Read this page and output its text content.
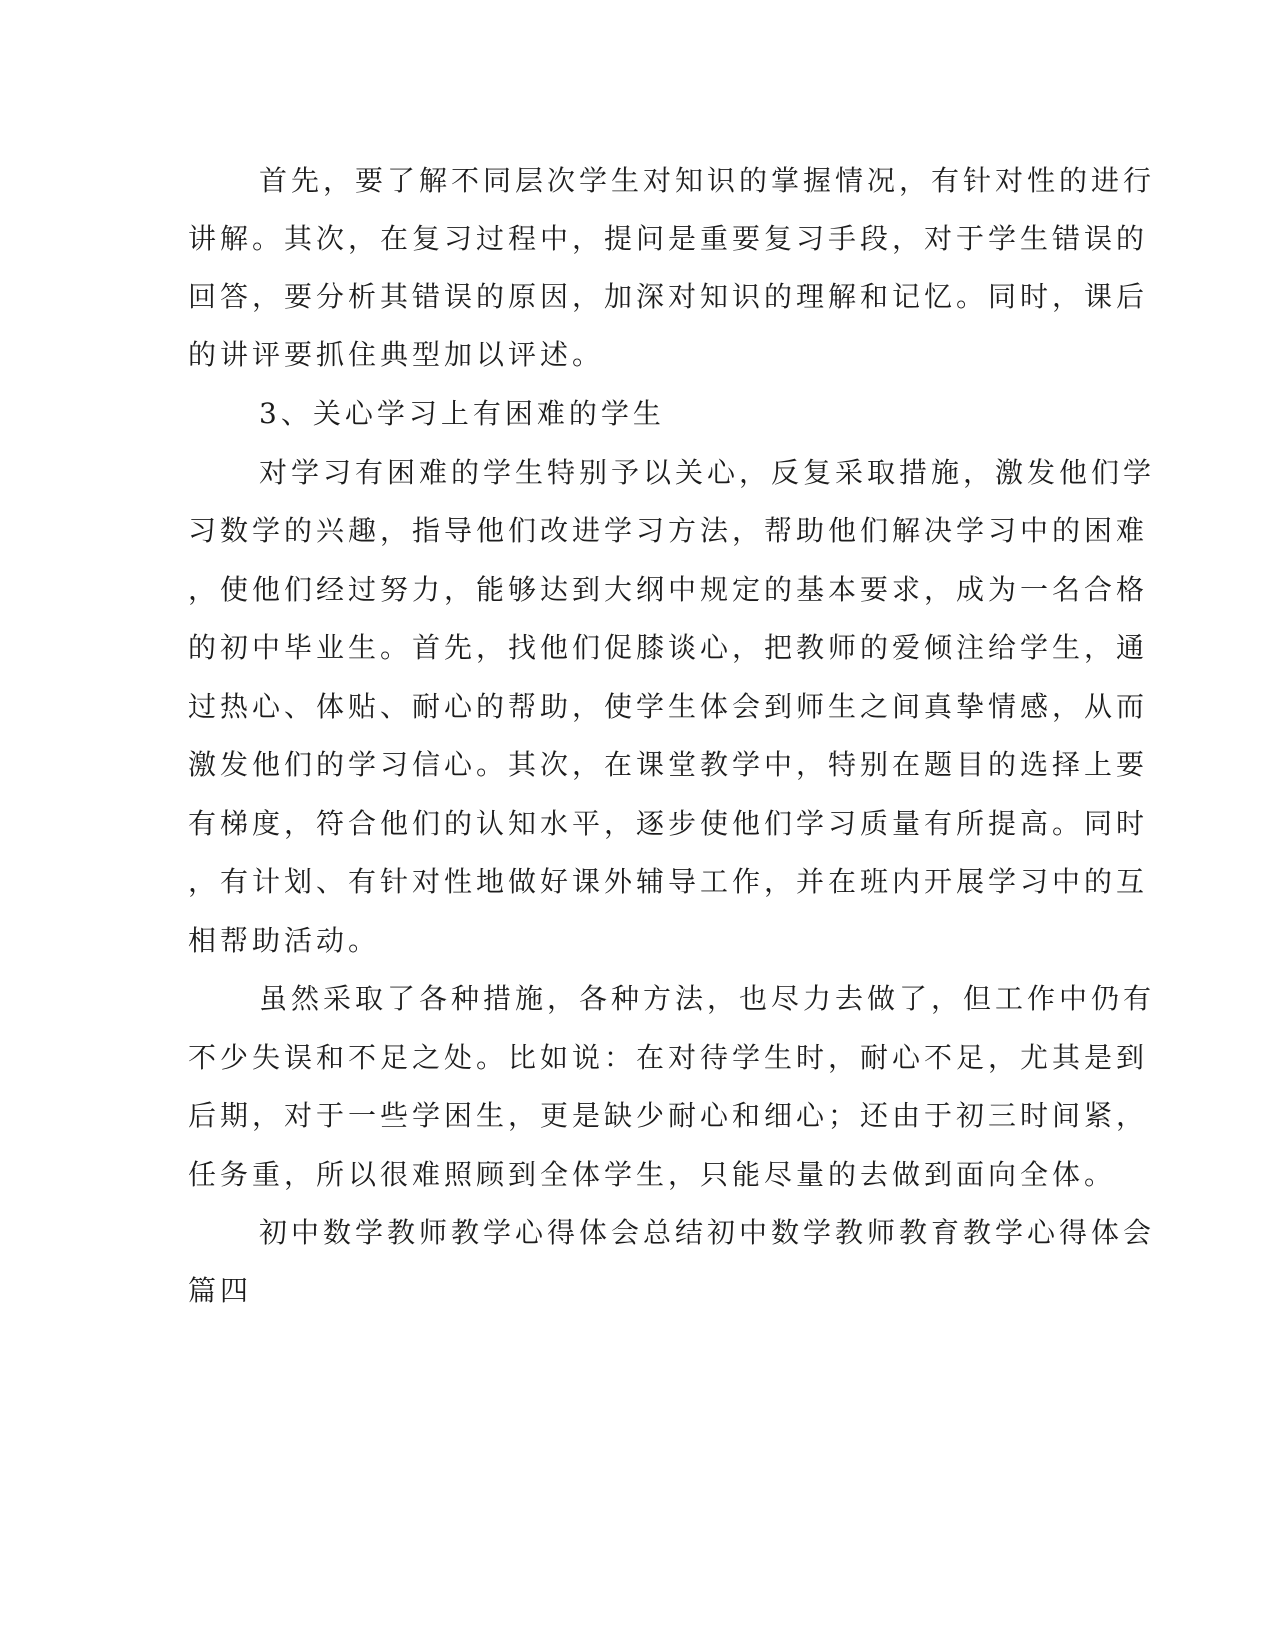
首先，要了解不同层次学生对知识的掌握情况，有针对性的进行

讲解。其次，在复习过程中，提问是重要复习手段，对于学生错误的

回答，要分析其错误的原因，加深对知识的理解和记忆。同时，课后

的讲评要抓住典型加以评述。

3、关心学习上有困难的学生

对学习有困难的学生特别予以关心，反复采取措施，激发他们学

习数学的兴趣，指导他们改进学习方法，帮助他们解决学习中的困难

，使他们经过努力，能够达到大纲中规定的基本要求，成为一名合格

的初中毕业生。首先，找他们促膝谈心，把教师的爱倾注给学生，通

过热心、体贴、耐心的帮助，使学生体会到师生之间真挚情感，从而

激发他们的学习信心。其次，在课堂教学中，特别在题目的选择上要

有梯度，符合他们的认知水平，逐步使他们学习质量有所提高。同时

，有计划、有针对性地做好课外辅导工作，并在班内开展学习中的互

相帮助活动。

虽然采取了各种措施，各种方法，也尽力去做了，但工作中仍有

不少失误和不足之处。比如说：在对待学生时，耐心不足，尤其是到

后期，对于一些学困生，更是缺少耐心和细心；还由于初三时间紧，

任务重，所以很难照顾到全体学生，只能尽量的去做到面向全体。

初中数学教师教学心得体会总结初中数学教师教育教学心得体会

篇四
